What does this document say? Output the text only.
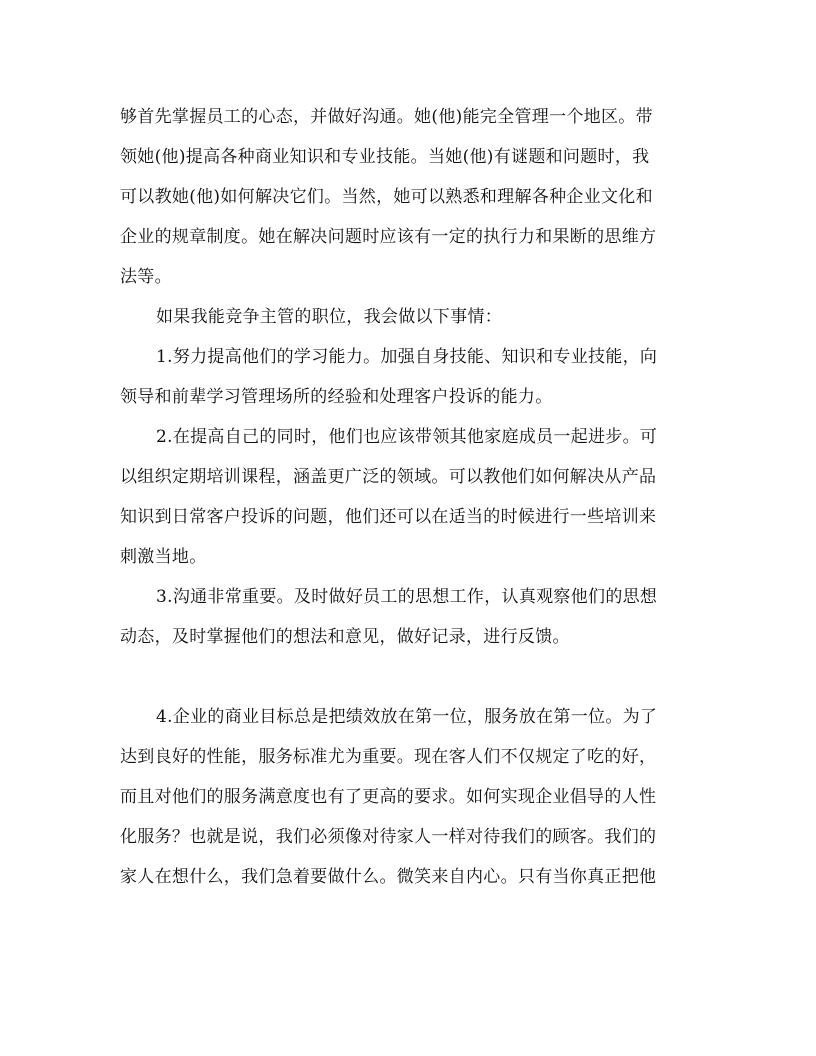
够首先掌握员工的心态，并做好沟通。她(他)能完全管理一个地区。带
领她(他)提高各种商业知识和专业技能。当她(他)有谜题和问题时，我
可以教她(他)如何解决它们。当然，她可以熟悉和理解各种企业文化和
企业的规章制度。她在解决问题时应该有一定的执行力和果断的思维方
法等。
如果我能竞争主管的职位，我会做以下事情：
1.努力提高他们的学习能力。加强自身技能、知识和专业技能，向
领导和前辈学习管理场所的经验和处理客户投诉的能力。
2.在提高自己的同时，他们也应该带领其他家庭成员一起进步。可
以组织定期培训课程，涵盖更广泛的领域。可以教他们如何解决从产品
知识到日常客户投诉的问题，他们还可以在适当的时候进行一些培训来
刺激当地。
3.沟通非常重要。及时做好员工的思想工作，认真观察他们的思想
动态，及时掌握他们的想法和意见，做好记录，进行反馈。
4.企业的商业目标总是把绩效放在第一位，服务放在第一位。为了
达到良好的性能，服务标准尤为重要。现在客人们不仅规定了吃的好，
而且对他们的服务满意度也有了更高的要求。如何实现企业倡导的人性
化服务？也就是说，我们必须像对待家人一样对待我们的顾客。我们的
家人在想什么，我们急着要做什么。微笑来自内心。只有当你真正把他
